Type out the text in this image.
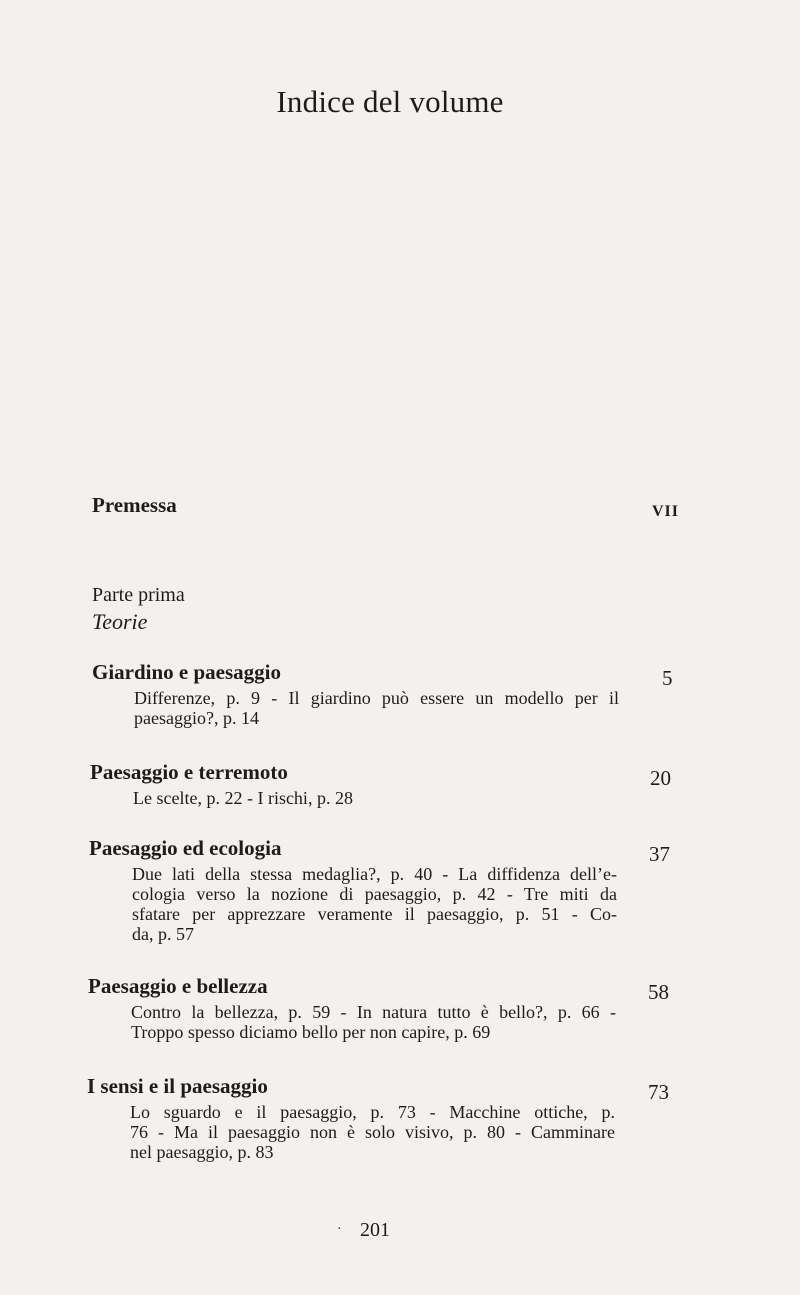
Indice del volume
Premessa	VII
Parte prima
Teorie
Giardino e paesaggio	5
Differenze, p. 9 - Il giardino può essere un modello per il
paesaggio?, p. 14
Paesaggio e terremoto	20
Le scelte, p. 22 - I rischi, p. 28
Paesaggio ed ecologia	37
Due lati della stessa medaglia?, p. 40 - La diffidenza dell’e-
cologia verso la nozione di paesaggio, p. 42 - Tre miti da
sfatare per apprezzare veramente il paesaggio, p. 51 - Co-
da, p. 57
Paesaggio e bellezza	58
Contro la bellezza, p. 59 - In natura tutto è bello?, p. 66 -
Troppo spesso diciamo bello per non capire, p. 69
I sensi e il paesaggio	73
Lo sguardo e il paesaggio, p. 73 - Macchine ottiche, p.
76 - Ma il paesaggio non è solo visivo, p. 80 - Camminare
nel paesaggio, p. 83
· 201
